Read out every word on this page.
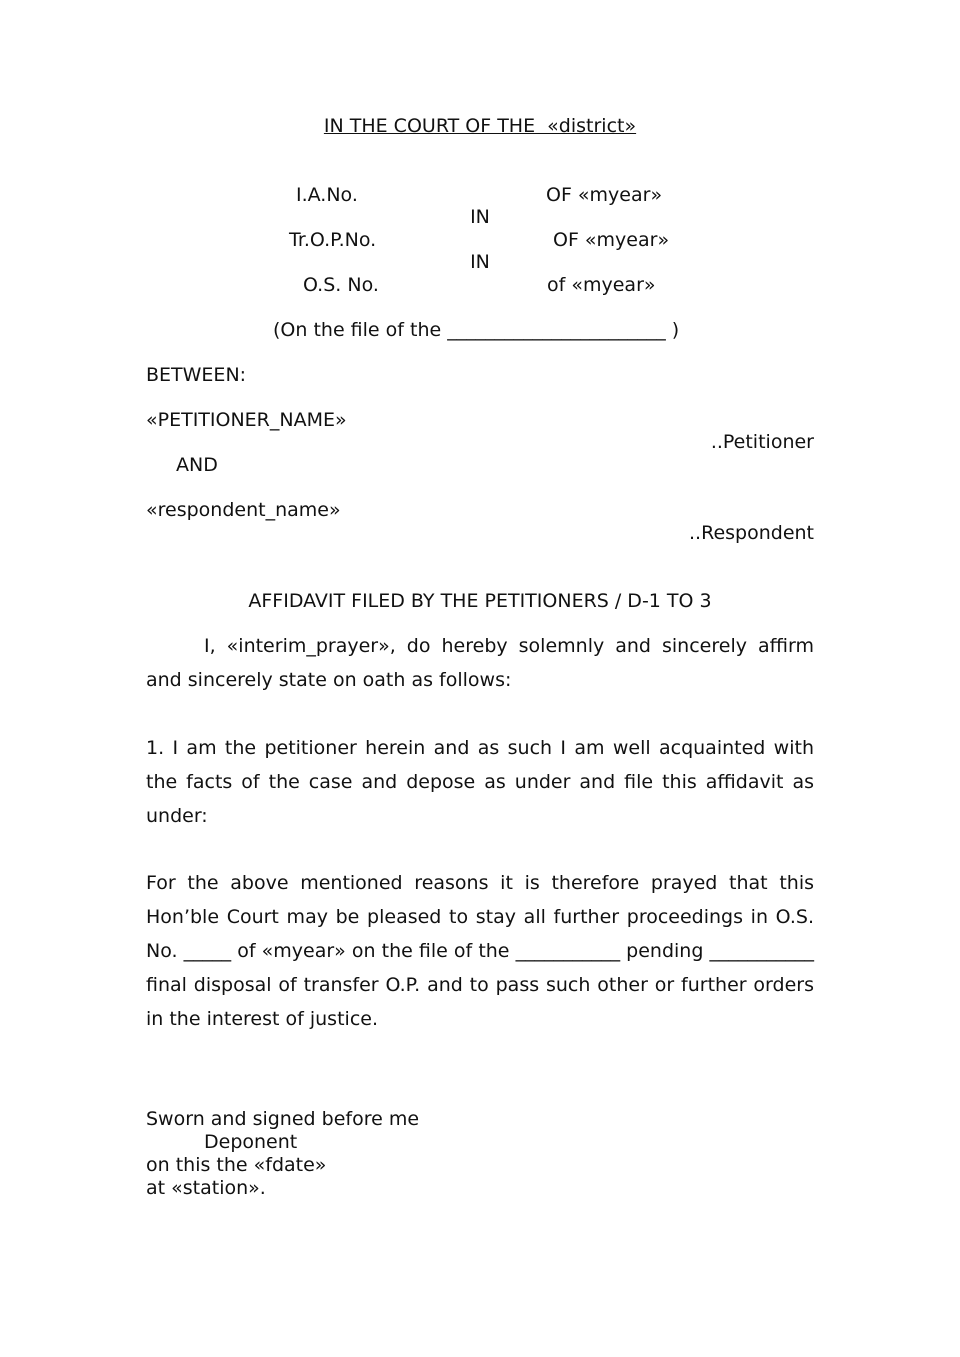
IN THE COURT OF THE  «district»
I.A.No.	OF «myear»
IN
Tr.O.P.No.	OF «myear»
IN
O.S. No.	of «myear»
(On the file of the _______________________ )
BETWEEN:
«PETITIONER_NAME»
..Petitioner
AND
«respondent_name»
..Respondent
AFFIDAVIT FILED BY THE PETITIONERS / D-1 TO 3
I, «interim_prayer», do hereby solemnly and sincerely affirm and sincerely state on oath as follows:
1. I am the petitioner herein and as such I am well acquainted with the facts of the case and depose as under and file this affidavit as under:
For the above mentioned reasons it is therefore prayed that this Hon’ble Court may be pleased to stay all further proceedings in O.S. No. _____ of «myear» on the file of the ___________ pending ___________ final disposal of transfer O.P. and to pass such other or further orders in the interest of justice.
Sworn and signed before me
Deponent
on this the «fdate»
at «station».
